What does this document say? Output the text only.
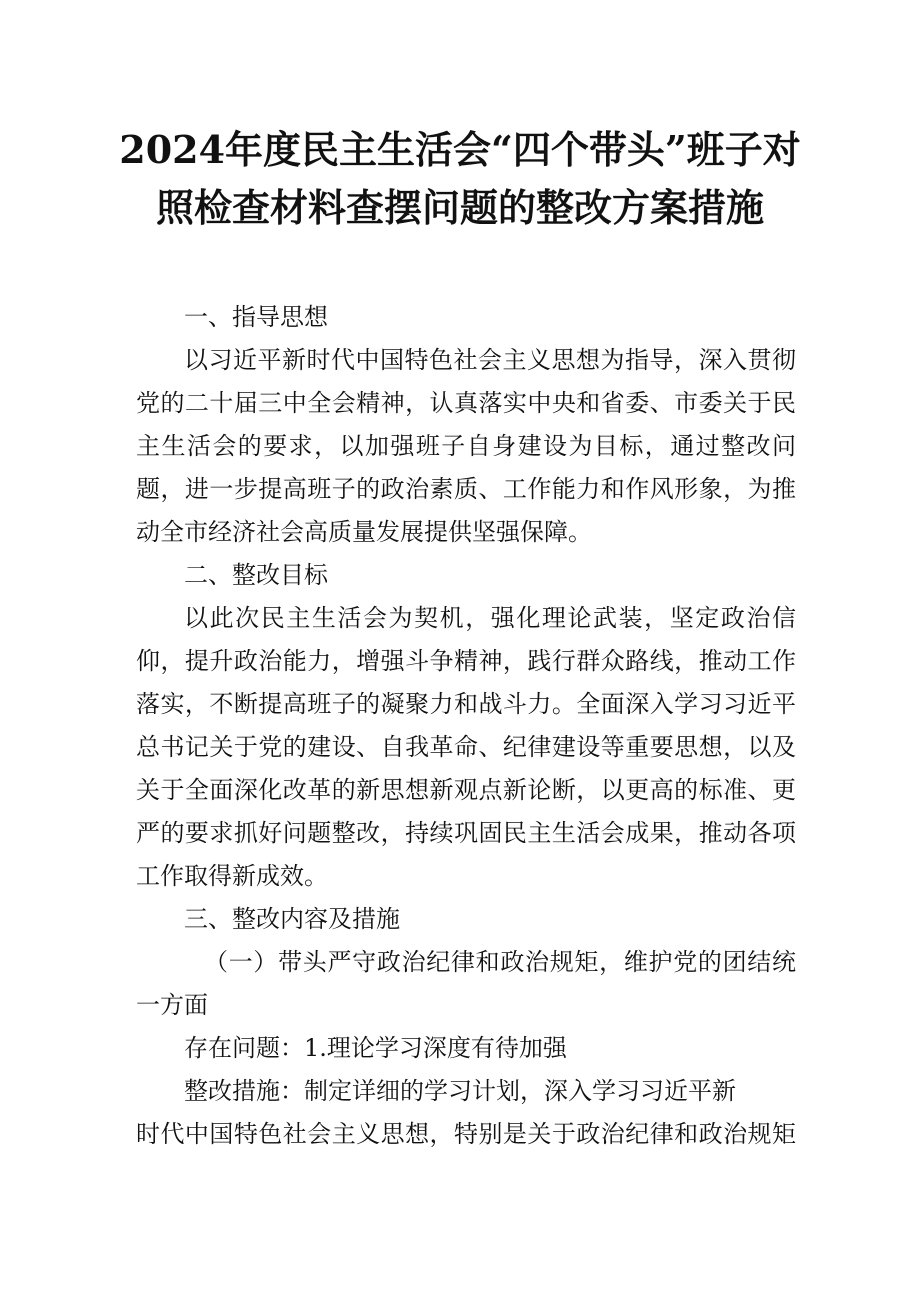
2024年度民主生活会“四个带头”班子对
照检查材料查摆问题的整改方案措施

一、指导思想

以习近平新时代中国特色社会主义思想为指导，深入贯彻党的二十届三中全会精神，认真落实中央和省委、市委关于民主生活会的要求，以加强班子自身建设为目标，通过整改问题，进一步提高班子的政治素质、工作能力和作风形象，为推动全市经济社会高质量发展提供坚强保障。

二、整改目标

以此次民主生活会为契机，强化理论武装，坚定政治信仰，提升政治能力，增强斗争精神，践行群众路线，推动工作落实，不断提高班子的凝聚力和战斗力。全面深入学习习近平总书记关于党的建设、自我革命、纪律建设等重要思想，以及关于全面深化改革的新思想新观点新论断，以更高的标准、更严的要求抓好问题整改，持续巩固民主生活会成果，推动各项工作取得新成效。

三、整改内容及措施

（一）带头严守政治纪律和政治规矩，维护党的团结统一方面

存在问题：1.理论学习深度有待加强

整改措施：制定详细的学习计划，深入学习习近平新

时代中国特色社会主义思想，特别是关于政治纪律和政治规矩
